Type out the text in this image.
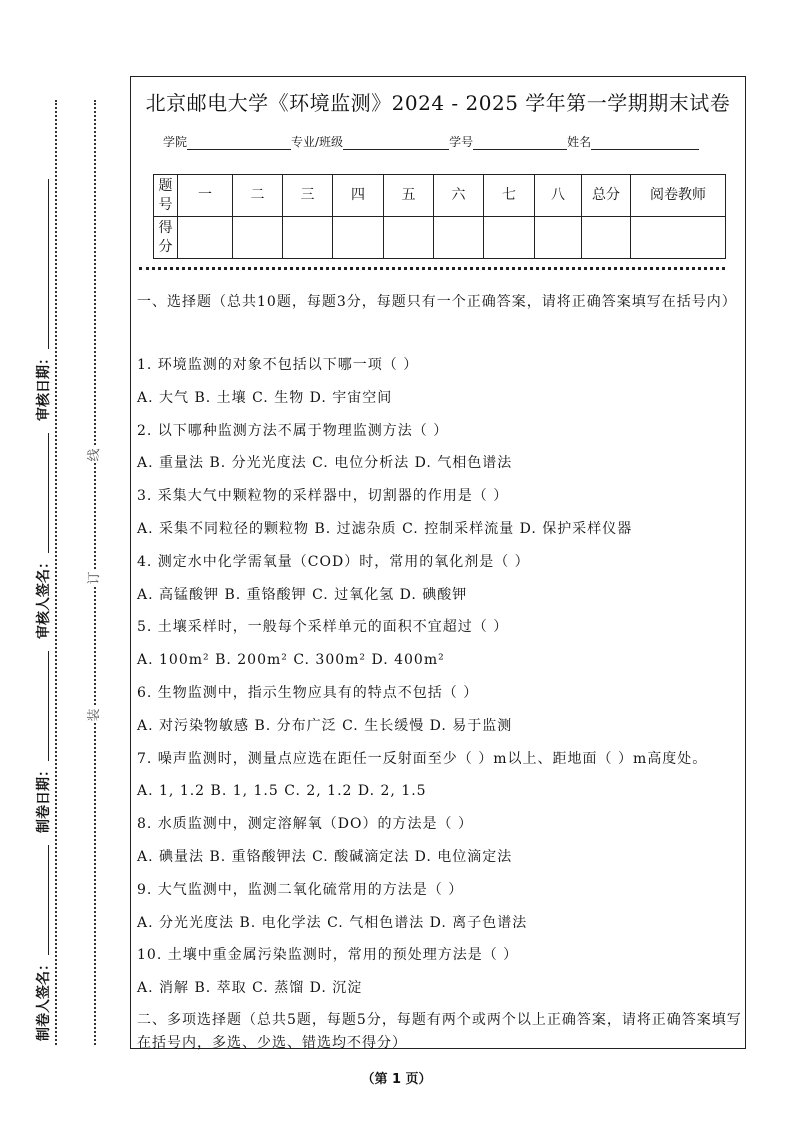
线
订
装
制卷人签名：
制卷日期：
审核人签名：
审核日期：
北京邮电大学《环境监测》2024 - 2025 学年第一学期期末试卷
学院	专业/班级	学号	姓名
题号	一	二	三	四	五	六	七	八	总分	阅卷教师
得分										
一、选择题（总共10题，每题3分，每题只有一个正确答案，请将正确答案填写在括号内）
1. 环境监测的对象不包括以下哪一项（ ）
A. 大气 B. 土壤 C. 生物 D. 宇宙空间
2. 以下哪种监测方法不属于物理监测方法（ ）
A. 重量法 B. 分光光度法 C. 电位分析法 D. 气相色谱法
3. 采集大气中颗粒物的采样器中，切割器的作用是（ ）
A. 采集不同粒径的颗粒物 B. 过滤杂质 C. 控制采样流量 D. 保护采样仪器
4. 测定水中化学需氧量（COD）时，常用的氧化剂是（ ）
A. 高锰酸钾 B. 重铬酸钾 C. 过氧化氢 D. 碘酸钾
5. 土壤采样时，一般每个采样单元的面积不宜超过（ ）
A. 100m² B. 200m² C. 300m² D. 400m²
6. 生物监测中，指示生物应具有的特点不包括（ ）
A. 对污染物敏感 B. 分布广泛 C. 生长缓慢 D. 易于监测
7. 噪声监测时，测量点应选在距任一反射面至少（ ）m以上、距地面（ ）m高度处。
A. 1, 1.2 B. 1, 1.5 C. 2, 1.2 D. 2, 1.5
8. 水质监测中，测定溶解氧（DO）的方法是（ ）
A. 碘量法 B. 重铬酸钾法 C. 酸碱滴定法 D. 电位滴定法
9. 大气监测中，监测二氧化硫常用的方法是（ ）
A. 分光光度法 B. 电化学法 C. 气相色谱法 D. 离子色谱法
10. 土壤中重金属污染监测时，常用的预处理方法是（ ）
A. 消解 B. 萃取 C. 蒸馏 D. 沉淀
二、多项选择题（总共5题，每题5分，每题有两个或两个以上正确答案，请将正确答案填写在括号内，多选、少选、错选均不得分）
（第 1 页）
